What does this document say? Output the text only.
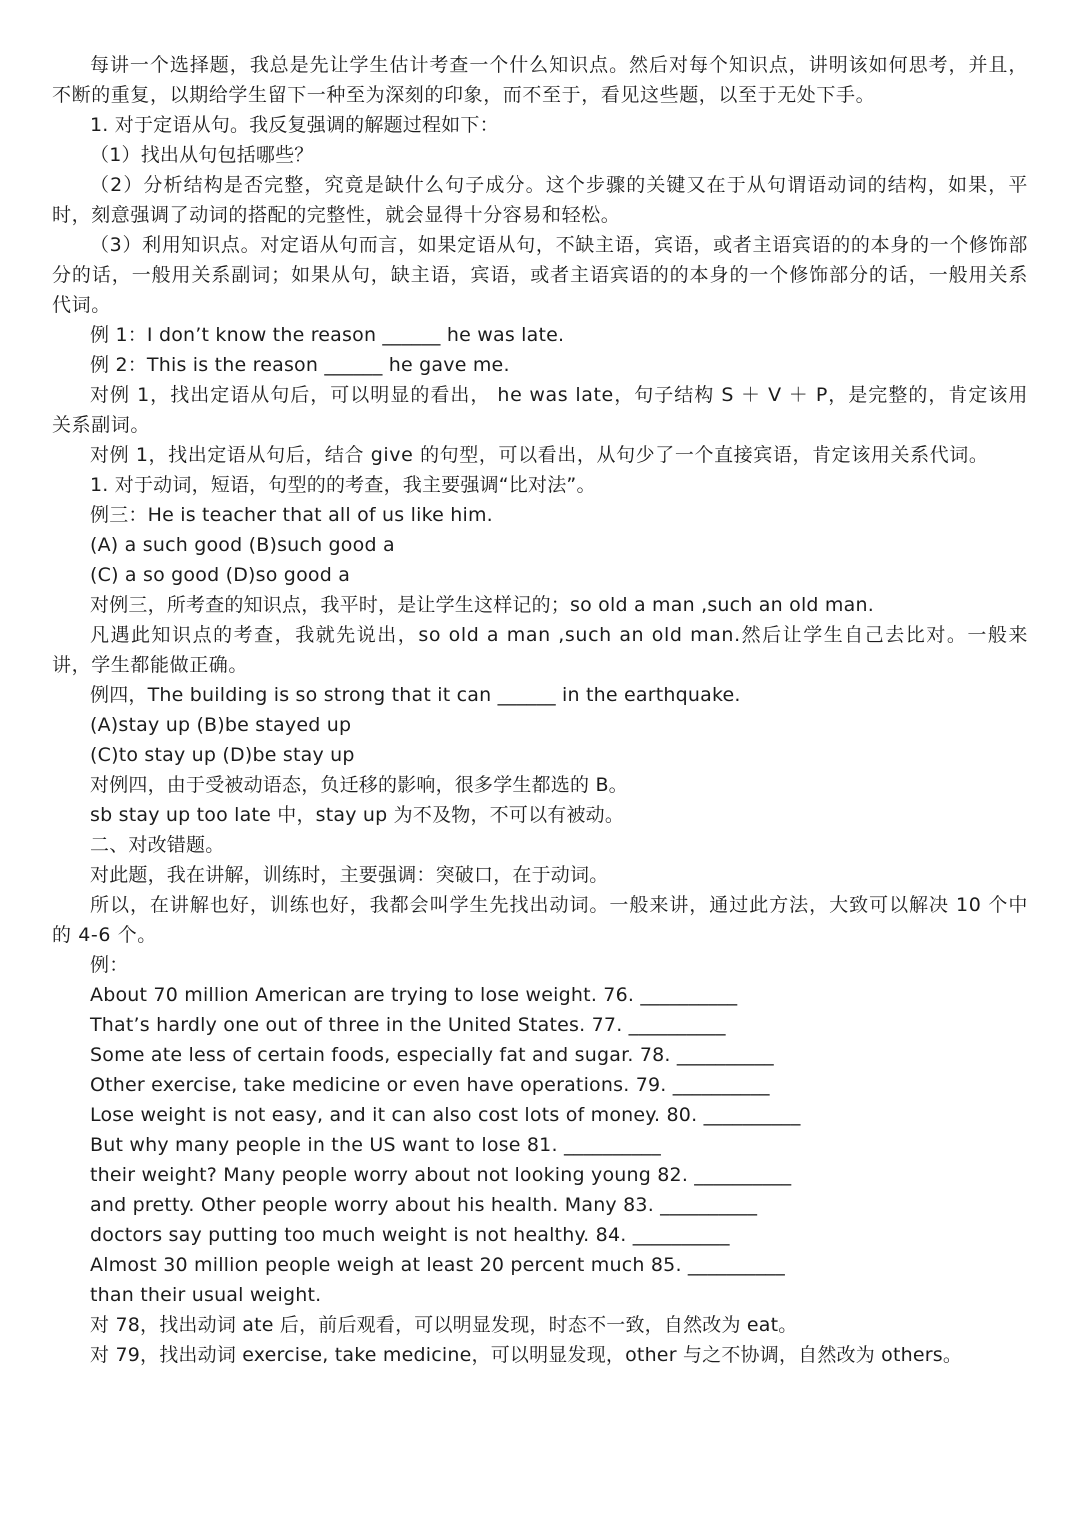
每讲一个选择题，我总是先让学生估计考查一个什么知识点。然后对每个知识点，讲明该如何思考，并且，不断的重复，以期给学生留下一种至为深刻的印象，而不至于，看见这些题，以至于无处下手。

1. 对于定语从句。我反复强调的解题过程如下：

（1）找出从句包括哪些？

（2）分析结构是否完整，究竟是缺什么句子成分。这个步骤的关键又在于从句谓语动词的结构，如果，平时，刻意强调了动词的搭配的完整性，就会显得十分容易和轻松。

（3）利用知识点。对定语从句而言，如果定语从句，不缺主语，宾语，或者主语宾语的的本身的一个修饰部分的话，一般用关系副词；如果从句，缺主语，宾语，或者主语宾语的的本身的一个修饰部分的话，一般用关系代词。

例 1：I don’t know the reason ______ he was late.

例 2：This is the reason ______ he gave me.

对例 1，找出定语从句后，可以明显的看出， he was late，句子结构 S ＋ V ＋ P，是完整的，肯定该用关系副词。

对例 1，找出定语从句后，结合 give 的句型，可以看出，从句少了一个直接宾语，肯定该用关系代词。

1. 对于动词，短语，句型的的考查，我主要强调“比对法”。

例三：He is teacher that all of us like him.

(A) a such good (B)such good a

(C) a so good (D)so good a

对例三，所考查的知识点，我平时，是让学生这样记的；so old a man ,such an old man.

凡遇此知识点的考查，我就先说出，so old a man ,such an old man.然后让学生自己去比对。一般来讲，学生都能做正确。

例四，The building is so strong that it can ______ in the earthquake.

(A)stay up (B)be stayed up

(C)to stay up (D)be stay up

对例四，由于受被动语态，负迁移的影响，很多学生都选的 B。

sb stay up too late 中，stay up 为不及物，不可以有被动。

二、对改错题。

对此题，我在讲解，训练时，主要强调：突破口，在于动词。

所以，在讲解也好，训练也好，我都会叫学生先找出动词。一般来讲，通过此方法，大致可以解决 10 个中的 4-6 个。

例：

About 70 million American are trying to lose weight. 76. __________
That’s hardly one out of three in the United States. 77. __________
Some ate less of certain foods, especially fat and sugar. 78. __________
Other exercise, take medicine or even have operations. 79. __________
Lose weight is not easy, and it can also cost lots of money. 80. __________
But why many people in the US want to lose 81. __________
their weight? Many people worry about not looking young 82. __________
and pretty. Other people worry about his health. Many 83. __________
doctors say putting too much weight is not healthy. 84. __________
Almost 30 million people weigh at least 20 percent much 85. __________
than their usual weight.

对 78，找出动词 ate 后，前后观看，可以明显发现，时态不一致，自然改为 eat。

对 79，找出动词 exercise, take medicine，可以明显发现，other 与之不协调，自然改为 others。
